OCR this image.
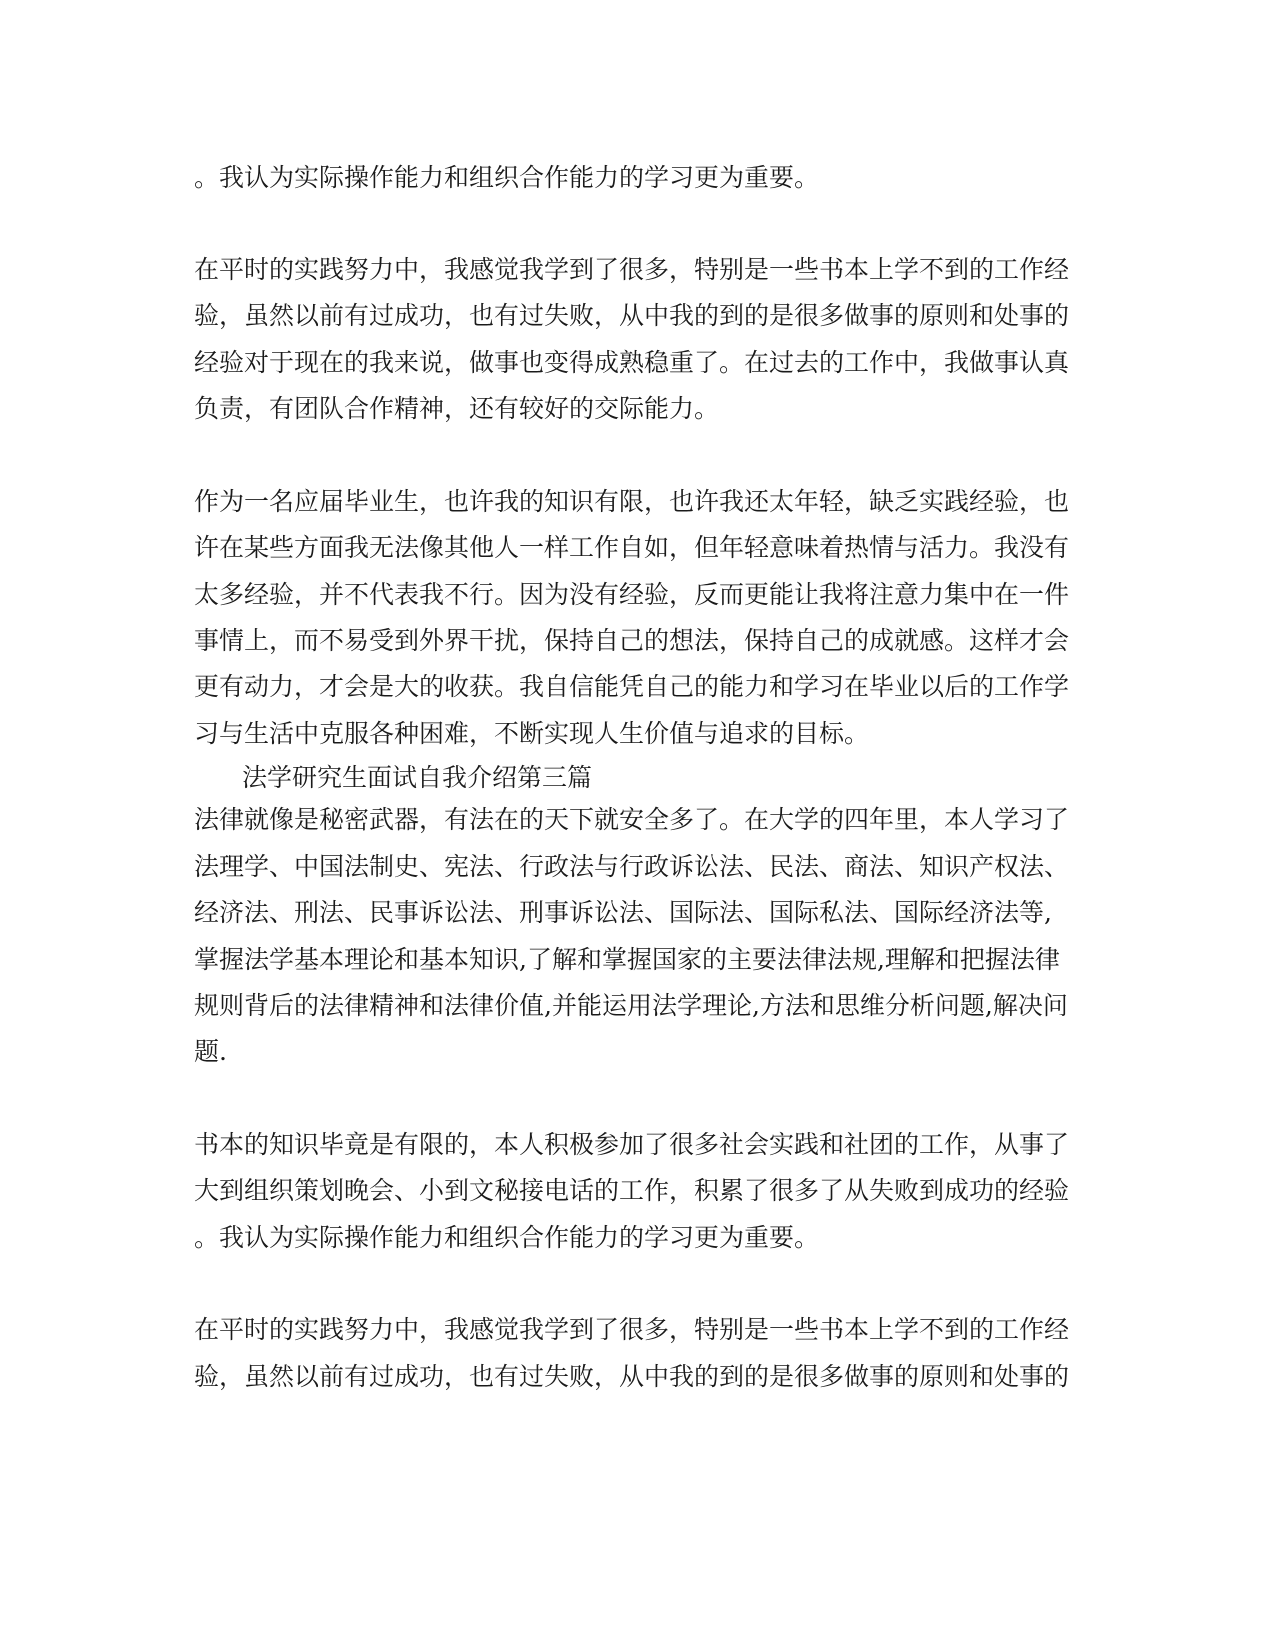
。我认为实际操作能力和组织合作能力的学习更为重要。

在平时的实践努力中，我感觉我学到了很多，特别是一些书本上学不到的工作经

验，虽然以前有过成功，也有过失败，从中我的到的是很多做事的原则和处事的

经验对于现在的我来说，做事也变得成熟稳重了。在过去的工作中，我做事认真

负责，有团队合作精神，还有较好的交际能力。

作为一名应届毕业生，也许我的知识有限，也许我还太年轻，缺乏实践经验，也

许在某些方面我无法像其他人一样工作自如，但年轻意味着热情与活力。我没有

太多经验，并不代表我不行。因为没有经验，反而更能让我将注意力集中在一件

事情上，而不易受到外界干扰，保持自己的想法，保持自己的成就感。这样才会

更有动力，才会是大的收获。我自信能凭自己的能力和学习在毕业以后的工作学

习与生活中克服各种困难，不断实现人生价值与追求的目标。

法学研究生面试自我介绍第三篇

法律就像是秘密武器，有法在的天下就安全多了。在大学的四年里，本人学习了

法理学、中国法制史、宪法、行政法与行政诉讼法、民法、商法、知识产权法、

经济法、刑法、民事诉讼法、刑事诉讼法、国际法、国际私法、国际经济法等,

掌握法学基本理论和基本知识,了解和掌握国家的主要法律法规,理解和把握法律

规则背后的法律精神和法律价值,并能运用法学理论,方法和思维分析问题,解决问

题.

书本的知识毕竟是有限的，本人积极参加了很多社会实践和社团的工作，从事了

大到组织策划晚会、小到文秘接电话的工作，积累了很多了从失败到成功的经验

。我认为实际操作能力和组织合作能力的学习更为重要。

在平时的实践努力中，我感觉我学到了很多，特别是一些书本上学不到的工作经

验，虽然以前有过成功，也有过失败，从中我的到的是很多做事的原则和处事的
